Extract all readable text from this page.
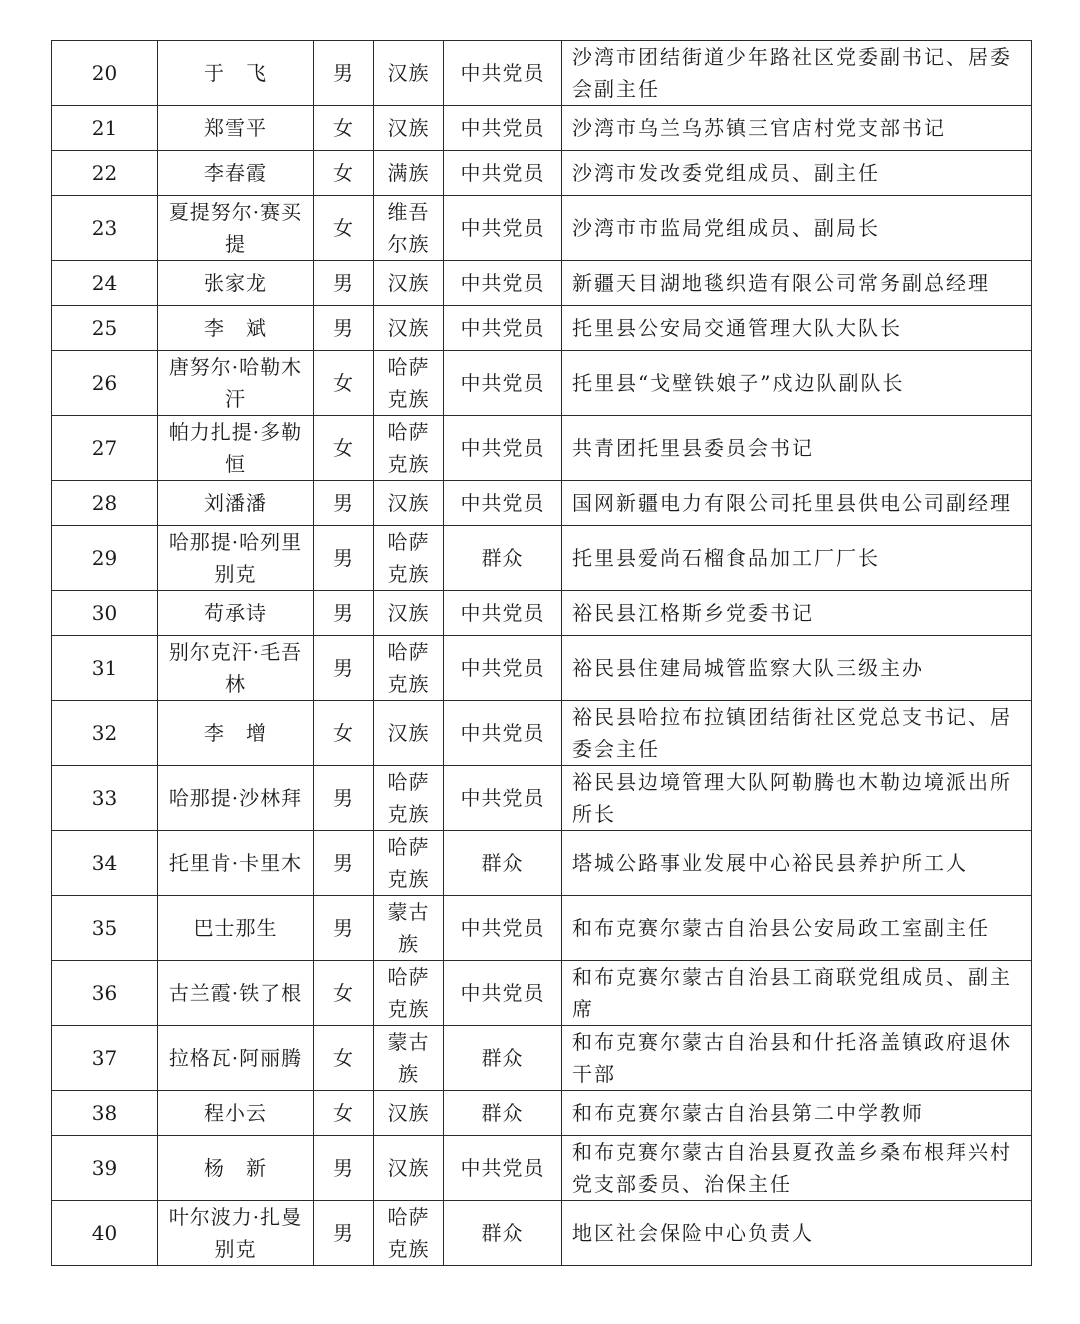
20	于　飞	男	汉族	中共党员	沙湾市团结街道少年路社区党委副书记、居委会副主任
21	郑雪平	女	汉族	中共党员	沙湾市乌兰乌苏镇三官店村党支部书记
22	李春霞	女	满族	中共党员	沙湾市发改委党组成员、副主任
23	夏提努尔·赛买提	女	维吾尔族	中共党员	沙湾市市监局党组成员、副局长
24	张家龙	男	汉族	中共党员	新疆天目湖地毯织造有限公司常务副总经理
25	李　斌	男	汉族	中共党员	托里县公安局交通管理大队大队长
26	唐努尔·哈勒木汗	女	哈萨克族	中共党员	托里县“戈壁铁娘子”戍边队副队长
27	帕力扎提·多勒恒	女	哈萨克族	中共党员	共青团托里县委员会书记
28	刘潘潘	男	汉族	中共党员	国网新疆电力有限公司托里县供电公司副经理
29	哈那提·哈列里别克	男	哈萨克族	群众	托里县爱尚石榴食品加工厂厂长
30	苟承诗	男	汉族	中共党员	裕民县江格斯乡党委书记
31	别尔克汗·毛吾林	男	哈萨克族	中共党员	裕民县住建局城管监察大队三级主办
32	李　增	女	汉族	中共党员	裕民县哈拉布拉镇团结街社区党总支书记、居委会主任
33	哈那提·沙林拜	男	哈萨克族	中共党员	裕民县边境管理大队阿勒腾也木勒边境派出所所长
34	托里肯·卡里木	男	哈萨克族	群众	塔城公路事业发展中心裕民县养护所工人
35	巴士那生	男	蒙古族	中共党员	和布克赛尔蒙古自治县公安局政工室副主任
36	古兰霞·铁了根	女	哈萨克族	中共党员	和布克赛尔蒙古自治县工商联党组成员、副主席
37	拉格瓦·阿丽腾	女	蒙古族	群众	和布克赛尔蒙古自治县和什托洛盖镇政府退休干部
38	程小云	女	汉族	群众	和布克赛尔蒙古自治县第二中学教师
39	杨　新	男	汉族	中共党员	和布克赛尔蒙古自治县夏孜盖乡桑布根拜兴村党支部委员、治保主任
40	叶尔波力·扎曼别克	男	哈萨克族	群众	地区社会保险中心负责人
